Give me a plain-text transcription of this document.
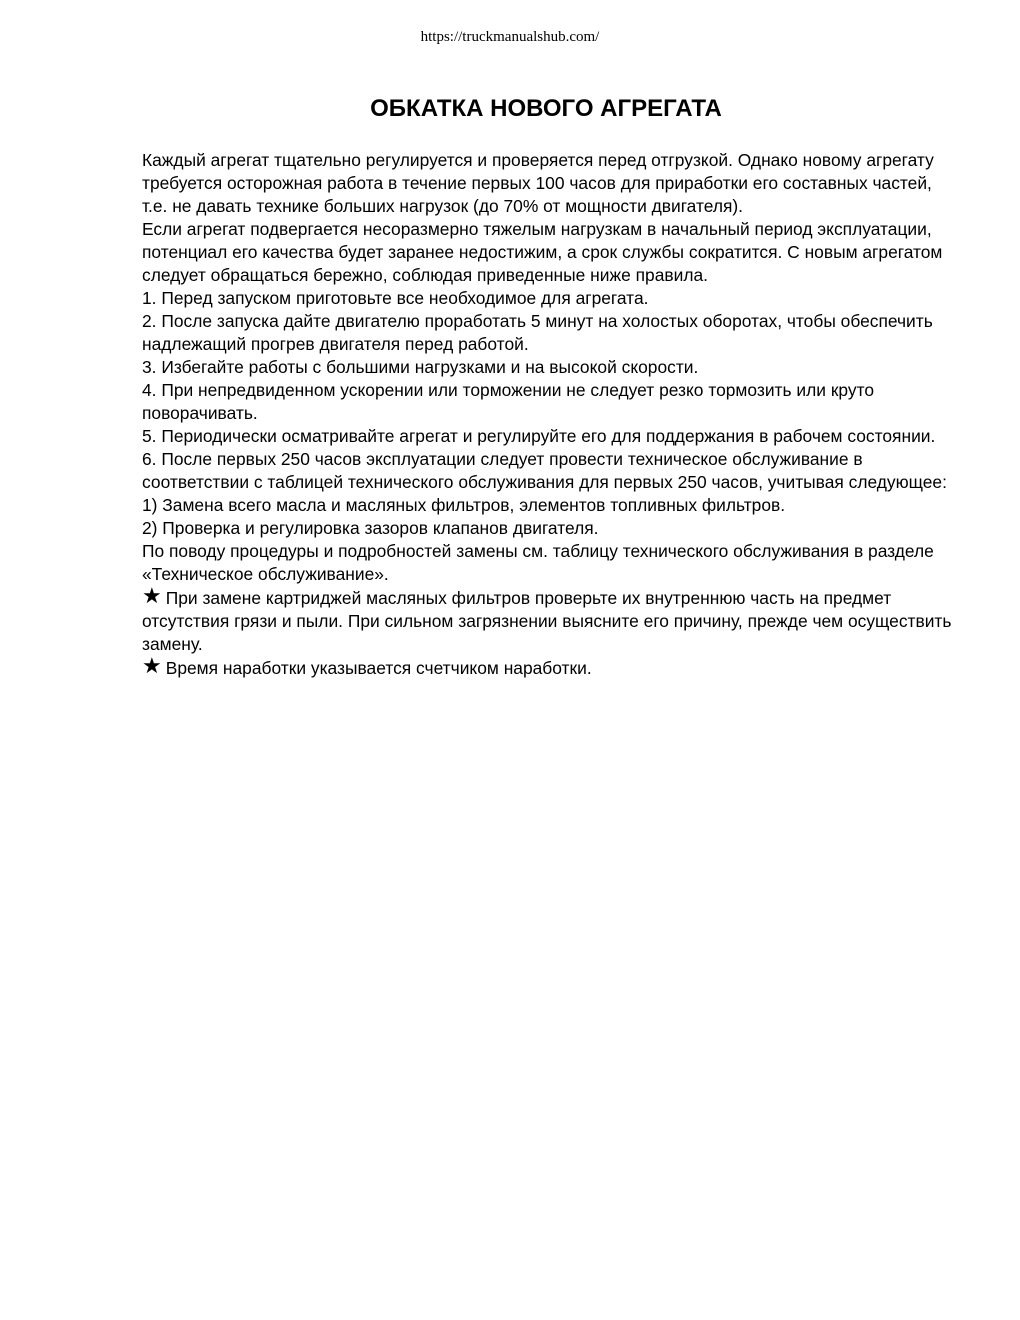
https://truckmanualshub.com/
ОБКАТКА НОВОГО АГРЕГАТА

Каждый агрегат тщательно регулируется и проверяется перед отгрузкой. Однако новому агрегату требуется осторожная работа в течение первых 100 часов для приработки его составных частей, т.е. не давать технике больших нагрузок (до 70% от мощности двигателя).

Если агрегат подвергается несоразмерно тяжелым нагрузкам в начальный период эксплуатации, потенциал его качества будет заранее недостижим, а срок службы сократится. С новым агрегатом следует обращаться бережно, соблюдая приведенные ниже правила.

1. Перед запуском приготовьте все необходимое для агрегата.

2. После запуска дайте двигателю проработать 5 минут на холостых оборотах, чтобы обеспечить надлежащий прогрев двигателя перед работой.

3. Избегайте работы с большими нагрузками и на высокой скорости.

4. При непредвиденном ускорении или торможении не следует резко тормозить или круто поворачивать.

5. Периодически осматривайте агрегат и регулируйте его для поддержания в рабочем состоянии.

6. После первых 250 часов эксплуатации следует провести техническое обслуживание в соответствии с таблицей технического обслуживания для первых 250 часов, учитывая следующее:

1) Замена всего масла и масляных фильтров, элементов топливных фильтров.

2) Проверка и регулировка зазоров клапанов двигателя.

По поводу процедуры и подробностей замены см. таблицу технического обслуживания в разделе «Техническое обслуживание».

★ При замене картриджей масляных фильтров проверьте их внутреннюю часть на предмет отсутствия грязи и пыли. При сильном загрязнении выясните его причину, прежде чем осуществить замену.

★ Время наработки указывается счетчиком наработки.
